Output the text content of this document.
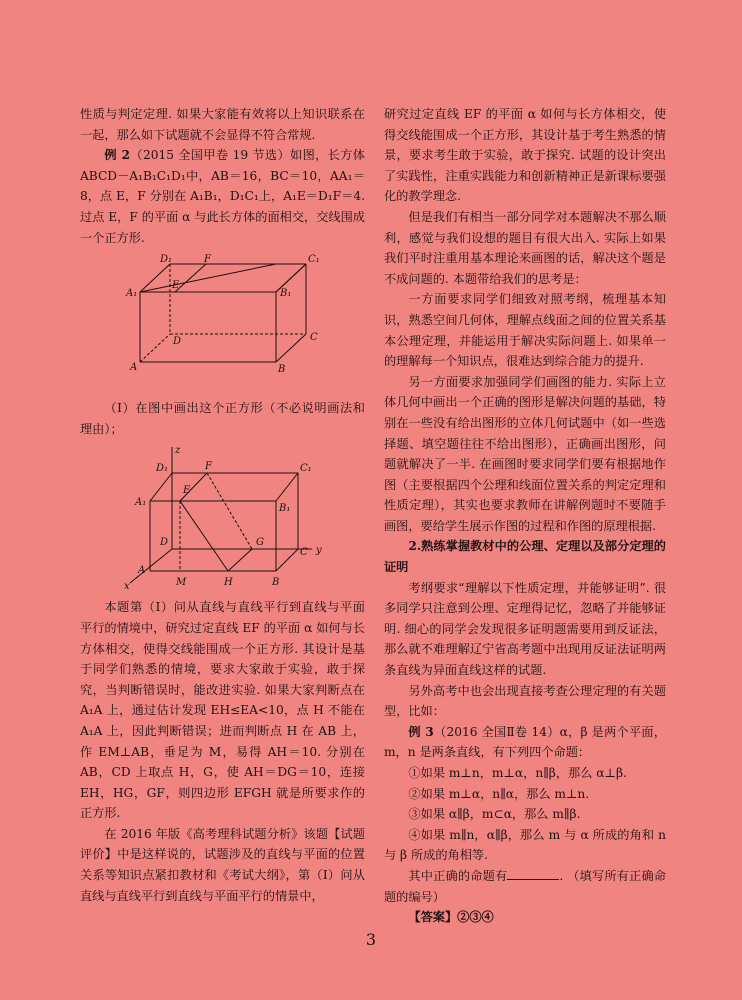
性质与判定定理. 如果大家能有效将以上知识联系在一起，那么如下试题就不会显得不符合常规.

例 2（2015 全国甲卷 19 节选）如图，长方体 ABCD－A₁B₁C₁D₁中，AB＝16，BC＝10，AA₁＝8，点 E，F 分别在 A₁B₁，D₁C₁上，A₁E＝D₁F＝4. 过点 E，F 的平面 α 与此长方体的面相交，交线围成一个正方形.

D₁	F	C₁
A₁
E
B₁
D	C
A	B

（Ⅰ）在图中画出这个正方形（不必说明画法和理由）；

z
D₁	F	C₁
A₁
E
B₁
G
D
C y
A
x	M	H	B

本题第（Ⅰ）问从直线与直线平行到直线与平面平行的情境中，研究过定直线 EF 的平面 α 如何与长方体相交，使得交线能围成一个正方形. 其设计是基于同学们熟悉的情境，要求大家敢于实验，敢于探究，当判断错误时，能改进实验. 如果大家判断点在 A₁A 上，通过估计发现 EH≤EA<10，点 H 不能在 A₁A 上，因此判断错误；进而判断点 H 在 AB 上，作 EM⊥AB，垂足为 M，易得 AH＝10. 分别在 AB，CD 上取点 H，G，使 AH＝DG＝10，连接 EH，HG，GF，则四边形 EFGH 就是所要求作的正方形.

在 2016 年版《高考理科试题分析》该题【试题评价】中是这样说的，试题涉及的直线与平面的位置关系等知识点紧扣教材和《考试大纲》，第（Ⅰ）问从直线与直线平行到直线与平面平行的情景中，

研究过定直线 EF 的平面 α 如何与长方体相交，使得交线能围成一个正方形，其设计基于考生熟悉的情景，要求考生敢于实验，敢于探究. 试题的设计突出了实践性，注重实践能力和创新精神正是新课标要强化的教学理念.

但是我们有相当一部分同学对本题解决不那么顺利，感觉与我们设想的题目有很大出入. 实际上如果我们平时注重用基本理论来画图的话，解决这个题是不成问题的. 本题带给我们的思考是：

一方面要求同学们细致对照考纲，梳理基本知识，熟悉空间几何体，理解点线面之间的位置关系基本公理定理，并能运用于解决实际问题上. 如果单一的理解每一个知识点，很难达到综合能力的提升.

另一方面要求加强同学们画图的能力. 实际上立体几何中画出一个正确的图形是解决问题的基础，特别在一些没有给出图形的立体几何试题中（如一些选择题、填空题往往不给出图形），正确画出图形，问题就解决了一半. 在画图时要求同学们要有根据地作图（主要根据四个公理和线面位置关系的判定定理和性质定理），其实也要求教师在讲解例题时不要随手画图，要给学生展示作图的过程和作图的原理根据.

2.熟练掌握教材中的公理、定理以及部分定理的证明

考纲要求“理解以下性质定理，并能够证明”. 很多同学只注意到公理、定理得记忆，忽略了并能够证明. 细心的同学会发现很多证明题需要用到反证法，那么就不难理解辽宁省高考题中出现用反证法证明两条直线为异面直线这样的试题.

另外高考中也会出现直接考查公理定理的有关题型，比如：

例 3（2016 全国Ⅱ卷 14）α，β 是两个平面，m，n 是两条直线，有下列四个命题：

①如果 m⊥n，m⊥α，n∥β，那么 α⊥β.

②如果 m⊥α，n∥α，那么 m⊥n.

③如果 α∥β，m⊂α，那么 m∥β.

④如果 m∥n，α∥β，那么 m 与 α 所成的角和 n 与 β 所成的角相等.

其中正确的命题有	. （填写所有正确命题的编号）

【答案】②③④

3
